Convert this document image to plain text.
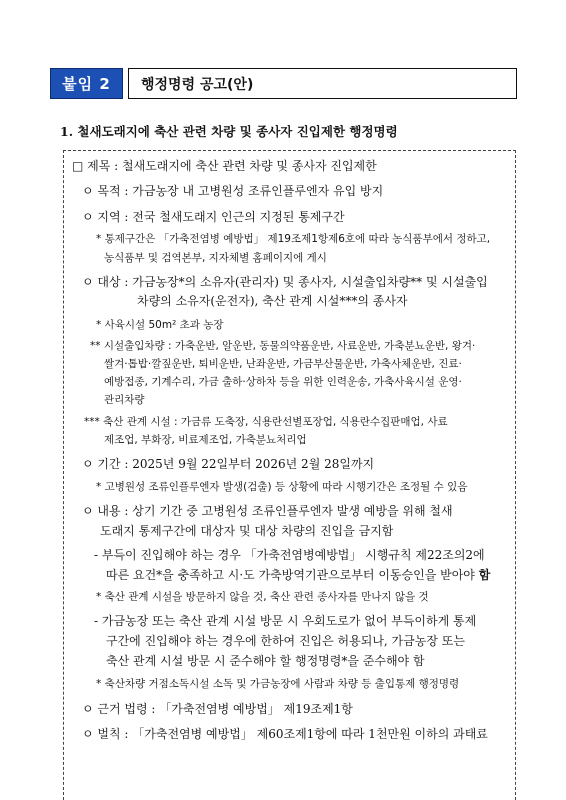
붙임 2	행정명령 공고(안)
1. 철새도래지에 축산 관련 차량 및 종사자 진입제한 행정명령
□ 제목 : 철새도래지에 축산 관련 차량 및 종사자 진입제한
ㅇ 목적 : 가금농장 내 고병원성 조류인플루엔자 유입 방지
ㅇ 지역 : 전국 철새도래지 인근의 지정된 통제구간
* 통제구간은 「가축전염병 예방법」 제19조제1항제6호에 따라 농식품부에서 정하고,
농식품부 및 검역본부, 지자체별 홈페이지에 게시
ㅇ 대상 : 가금농장*의 소유자(관리자) 및 종사자, 시설출입차량** 및 시설출입
차량의 소유자(운전자), 축산 관계 시설***의 종사자
* 사육시설 50m² 초과 농장
** 시설출입차량 : 가축운반, 알운반, 동물의약품운반, 사료운반, 가축분뇨운반, 왕겨·
쌀겨·톱밥·깔짚운반, 퇴비운반, 난좌운반, 가금부산물운반, 가축사체운반, 진료·
예방접종, 기계수리, 가금 출하·상하차 등을 위한 인력운송, 가축사육시설 운영·
관리차량
*** 축산 관계 시설 : 가금류 도축장, 식용란선별포장업, 식용란수집판매업, 사료
제조업, 부화장, 비료제조업, 가축분뇨처리업
ㅇ 기간 : 2025년 9월 22일부터 2026년 2월 28일까지
* 고병원성 조류인플루엔자 발생(검출) 등 상황에 따라 시행기간은 조정될 수 있음
ㅇ 내용 : 상기 기간 중 고병원성 조류인플루엔자 발생 예방을 위해 철새
도래지 통제구간에 대상자 및 대상 차량의 진입을 금지함
- 부득이 진입해야 하는 경우 「가축전염병예방법」 시행규칙 제22조의2에
따른 요건*을 충족하고 시·도 가축방역기관으로부터 이동승인을 받아야 함
* 축산 관계 시설을 방문하지 않을 것, 축산 관련 종사자를 만나지 않을 것
- 가금농장 또는 축산 관계 시설 방문 시 우회도로가 없어 부득이하게 통제
구간에 진입해야 하는 경우에 한하여 진입은 허용되나, 가금농장 또는
축산 관계 시설 방문 시 준수해야 할 행정명령*을 준수해야 함
* 축산차량 거점소독시설 소독 및 가금농장에 사람과 차량 등 출입통제 행정명령
ㅇ 근거 법령 : 「가축전염병 예방법」 제19조제1항
ㅇ 벌칙 : 「가축전염병 예방법」 제60조제1항에 따라 1천만원 이하의 과태료
